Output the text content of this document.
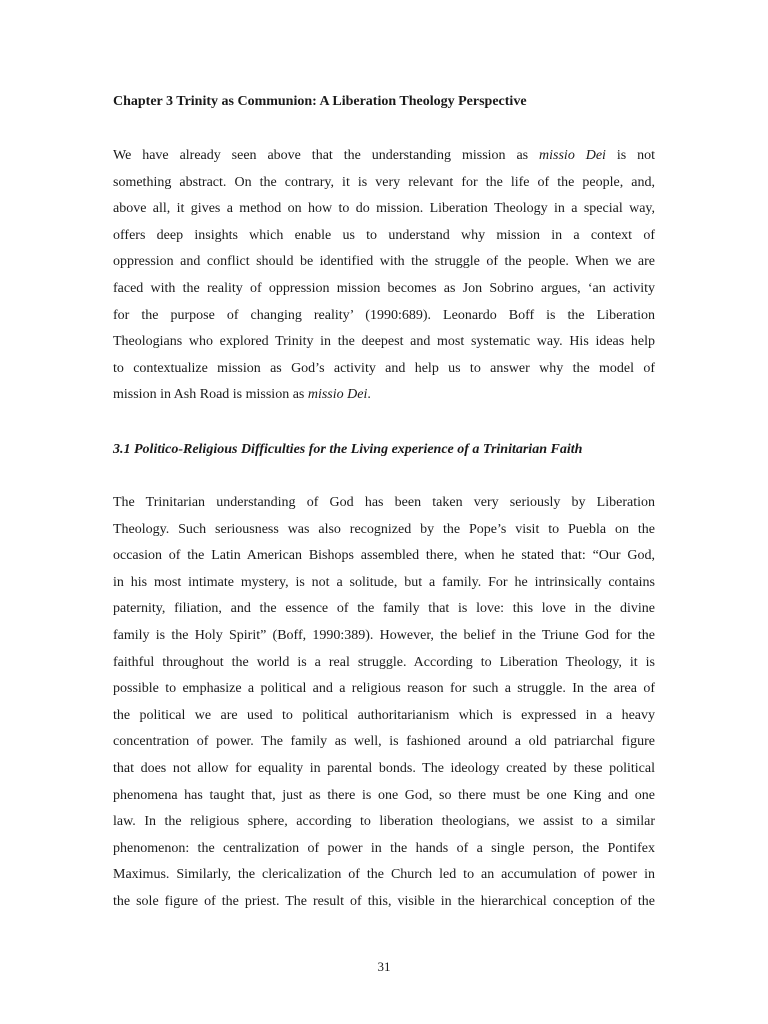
Chapter 3 Trinity as Communion: A Liberation Theology Perspective
We have already seen above that the understanding mission as missio Dei is not
something abstract. On the contrary, it is very relevant for the life of the people, and,
above all, it gives a method on how to do mission. Liberation Theology in a special way,
offers deep insights which enable us to understand why mission in a context of
oppression and conflict should be identified with the struggle of the people. When we are
faced with the reality of oppression mission becomes as Jon Sobrino argues, ‘an activity
for the purpose of changing reality’ (1990:689). Leonardo Boff is the Liberation
Theologians who explored Trinity in the deepest and most systematic way. His ideas help
to contextualize mission as God’s activity and help us to answer why the model of
mission in Ash Road is mission as missio Dei.
3.1 Politico-Religious Difficulties for the Living experience of a Trinitarian Faith
The Trinitarian understanding of God has been taken very seriously by Liberation
Theology. Such seriousness was also recognized by the Pope’s visit to Puebla on the
occasion of the Latin American Bishops assembled there, when he stated that: “Our God,
in his most intimate mystery, is not a solitude, but a family. For he intrinsically contains
paternity, filiation, and the essence of the family that is love: this love in the divine
family is the Holy Spirit” (Boff, 1990:389). However, the belief in the Triune God for the
faithful throughout the world is a real struggle. According to Liberation Theology, it is
possible to emphasize a political and a religious reason for such a struggle. In the area of
the political we are used to political authoritarianism which is expressed in a heavy
concentration of power. The family as well, is fashioned around a old patriarchal figure
that does not allow for equality in parental bonds. The ideology created by these political
phenomena has taught that, just as there is one God, so there must be one King and one
law. In the religious sphere, according to liberation theologians, we assist to a similar
phenomenon: the centralization of power in the hands of a single person, the Pontifex
Maximus. Similarly, the clericalization of the Church led to an accumulation of power in
the sole figure of the priest. The result of this, visible in the hierarchical conception of the
31
